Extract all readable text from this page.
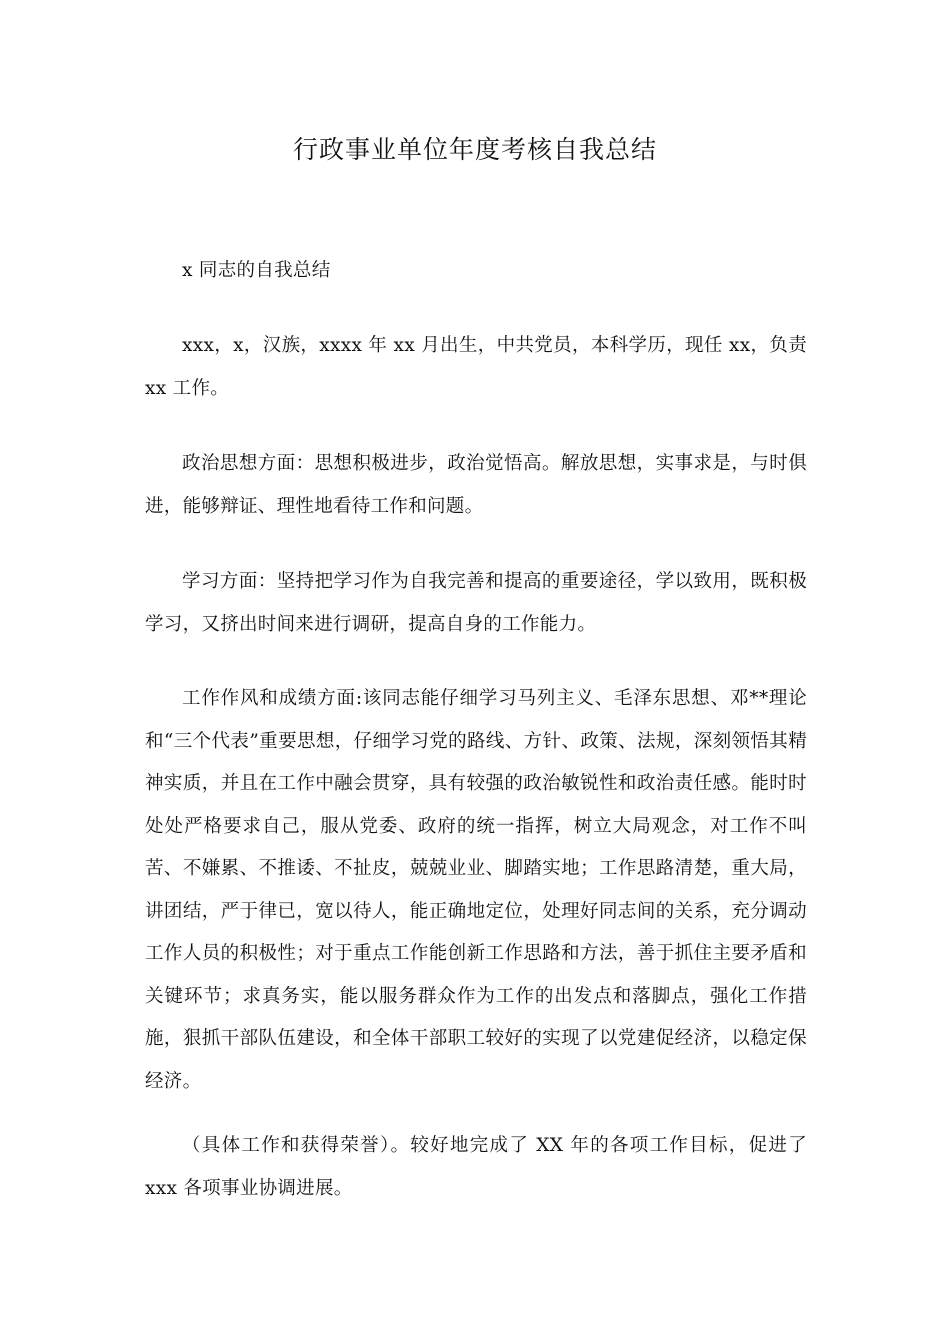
行政事业单位年度考核自我总结

x 同志的自我总结

xxx，x，汉族，xxxx 年 xx 月出生，中共党员，本科学历，现任 xx，负责 xx 工作。

政治思想方面：思想积极进步，政治觉悟高。解放思想，实事求是，与时俱进，能够辩证、理性地看待工作和问题。

学习方面：坚持把学习作为自我完善和提高的重要途径，学以致用，既积极学习，又挤出时间来进行调研，提高自身的工作能力。

工作作风和成绩方面:该同志能仔细学习马列主义、毛泽东思想、邓**理论和“三个代表”重要思想，仔细学习党的路线、方针、政策、法规，深刻领悟其精神实质，并且在工作中融会贯穿，具有较强的政治敏锐性和政治责任感。能时时处处严格要求自己，服从党委、政府的统一指挥，树立大局观念，对工作不叫苦、不嫌累、不推诿、不扯皮，兢兢业业、脚踏实地；工作思路清楚，重大局，讲团结，严于律已，宽以待人，能正确地定位，处理好同志间的关系，充分调动工作人员的积极性；对于重点工作能创新工作思路和方法，善于抓住主要矛盾和关键环节；求真务实，能以服务群众作为工作的出发点和落脚点，强化工作措施，狠抓干部队伍建设，和全体干部职工较好的实现了以党建促经济，以稳定保经济。

（具体工作和获得荣誉）。较好地完成了 XX 年的各项工作目标，促进了 xxx 各项事业协调进展。
